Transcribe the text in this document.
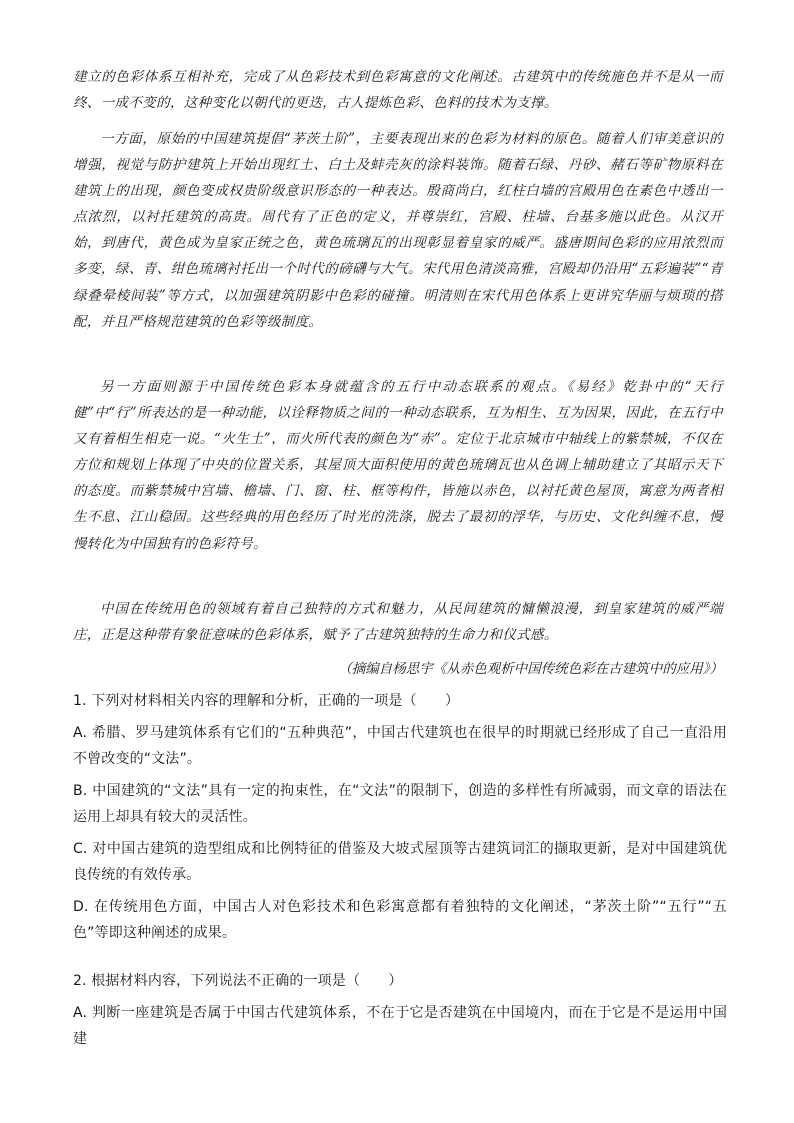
建立的色彩体系互相补充，完成了从色彩技术到色彩寓意的文化阐述。古建筑中的传统施色并不是从一而终、一成不变的，这种变化以朝代的更迭，古人提炼色彩、色料的技术为支撑。

一方面，原始的中国建筑提倡“茅茨土阶”，主要表现出来的色彩为材料的原色。随着人们审美意识的增强，视觉与防护建筑上开始出现红土、白土及蚌壳灰的涂料装饰。随着石绿、丹砂、赭石等矿物原料在建筑上的出现，颜色变成权贵阶级意识形态的一种表达。殷商尚白，红柱白墙的宫殿用色在素色中透出一点浓烈，以衬托建筑的高贵。周代有了正色的定义，并尊崇红，宫殿、柱墙、台基多施以此色。从汉开始，到唐代，黄色成为皇家正统之色，黄色琉璃瓦的出现彰显着皇家的威严。盛唐期间色彩的应用浓烈而多变，绿、青、绀色琉璃衬托出一个时代的磅礴与大气。宋代用色清淡高雅，宫殿却仍沿用“五彩遍装”“青绿叠晕棱间装”等方式，以加强建筑阴影中色彩的碰撞。明清则在宋代用色体系上更讲究华丽与烦琐的搭配，并且严格规范建筑的色彩等级制度。

另一方面则源于中国传统色彩本身就蕴含的五行中动态联系的观点。《易经》乾卦中的“天行健”中“行”所表达的是一种动能，以诠释物质之间的一种动态联系，互为相生、互为因果，因此，在五行中又有着相生相克一说。“火生土”，而火所代表的颜色为“赤”。定位于北京城市中轴线上的紫禁城，不仅在方位和规划上体现了中央的位置关系，其屋顶大面积使用的黄色琉璃瓦也从色调上辅助建立了其昭示天下的态度。而紫禁城中宫墙、檐墙、门、窗、柱、框等构件，皆施以赤色，以衬托黄色屋顶，寓意为两者相生不息、江山稳固。这些经典的用色经历了时光的洗涤，脱去了最初的浮华，与历史、文化纠缠不息，慢慢转化为中国独有的色彩符号。

中国在传统用色的领域有着自己独特的方式和魅力，从民间建筑的慵懒浪漫，到皇家建筑的威严端庄，正是这种带有象征意味的色彩体系，赋予了古建筑独特的生命力和仪式感。

（摘编自杨思宇《从赤色观析中国传统色彩在古建筑中的应用》）

1. 下列对材料相关内容的理解和分析，正确的一项是（　　）

A. 希腊、罗马建筑体系有它们的“五种典范”，中国古代建筑也在很早的时期就已经形成了自己一直沿用不曾改变的“文法”。

B. 中国建筑的“文法”具有一定的拘束性，在“文法”的限制下，创造的多样性有所减弱，而文章的语法在运用上却具有较大的灵活性。

C. 对中国古建筑的造型组成和比例特征的借鉴及大坡式屋顶等古建筑词汇的撷取更新，是对中国建筑优良传统的有效传承。

D. 在传统用色方面，中国古人对色彩技术和色彩寓意都有着独特的文化阐述，“茅茨土阶”“五行”“五色”等即这种阐述的成果。

2. 根据材料内容，下列说法不正确的一项是（　　）

A. 判断一座建筑是否属于中国古代建筑体系，不在于它是否建筑在中国境内，而在于它是不是运用中国建
